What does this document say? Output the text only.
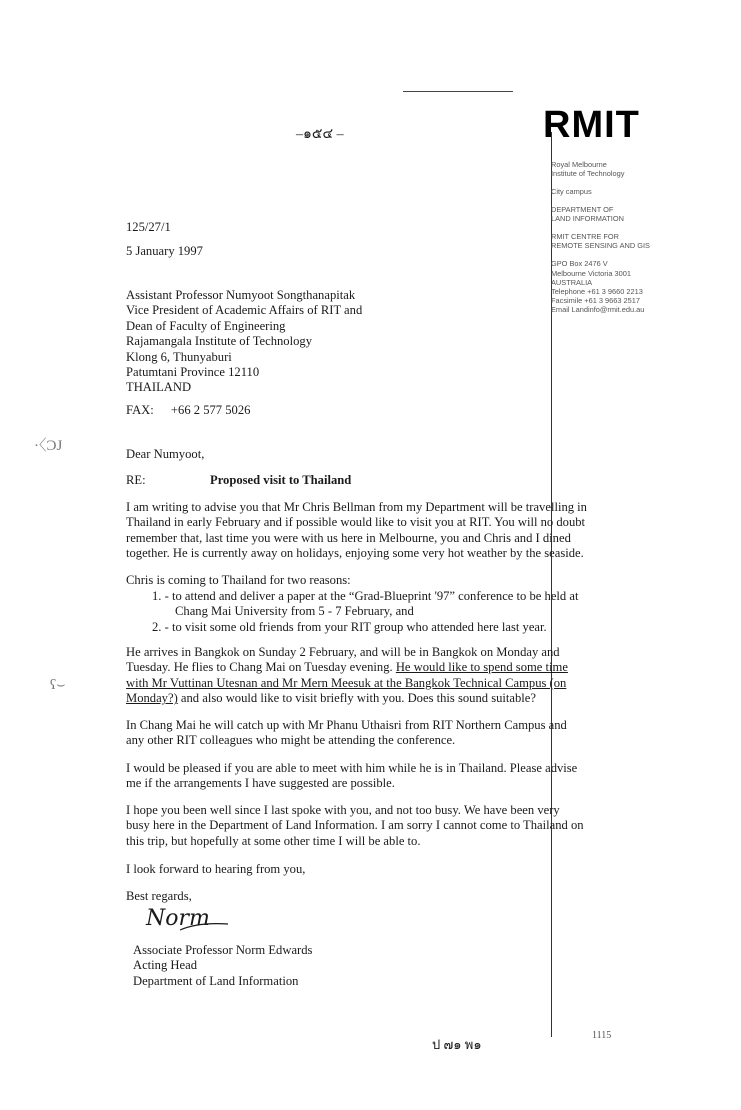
–๑๕๔ –	RMIT
Royal Melbourne
Institute of Technology
City campus
DEPARTMENT OF
LAND INFORMATION
RMIT CENTRE FOR
REMOTE SENSING AND GIS
GPO Box 2476 V
Melbourne Victoria 3001
AUSTRALIA
Telephone +61 3 9660 2213
Facsimile +61 3 9663 2517
Email Landinfo@rmit.edu.au
125/27/1
5 January 1997
Assistant Professor Numyoot Songthanapitak
Vice President of Academic Affairs of RIT and
Dean of Faculty of Engineering
Rajamangala Institute of Technology
Klong 6, Thunyaburi
Patumtani Province 12110
THAILAND
FAX: +66 2 577 5026
·〈ϽJ
ʕ⌣
Dear Numyoot,
RE:	Proposed visit to Thailand
I am writing to advise you that Mr Chris Bellman from my Department will be travelling in
Thailand in early February and if possible would like to visit you at RIT. You will no doubt
remember that, last time you were with us here in Melbourne, you and Chris and I dined
together. He is currently away on holidays, enjoying some very hot weather by the seaside.
Chris is coming to Thailand for two reasons:
1. - to attend and deliver a paper at the “Grad-Blueprint '97” conference to be held at
Chang Mai University from 5 - 7 February, and
2. - to visit some old friends from your RIT group who attended here last year.
He arrives in Bangkok on Sunday 2 February, and will be in Bangkok on Monday and
Tuesday. He flies to Chang Mai on Tuesday evening. He would like to spend some time
with Mr Vuttinan Utesnan and Mr Mern Meesuk at the Bangkok Technical Campus (on
Monday?) and also would like to visit briefly with you. Does this sound suitable?
In Chang Mai he will catch up with Mr Phanu Uthaisri from RIT Northern Campus and
any other RIT colleagues who might be attending the conference.
I would be pleased if you are able to meet with him while he is in Thailand. Please advise
me if the arrangements I have suggested are possible.
I hope you been well since I last spoke with you, and not too busy. We have been very
busy here in the Department of Land Information. I am sorry I cannot come to Thailand on
this trip, but hopefully at some other time I will be able to.
I look forward to hearing from you,
Best regards,
Norm
Associate Professor Norm Edwards
Acting Head
Department of Land Information
ป ๗๑ พ๑
1115
